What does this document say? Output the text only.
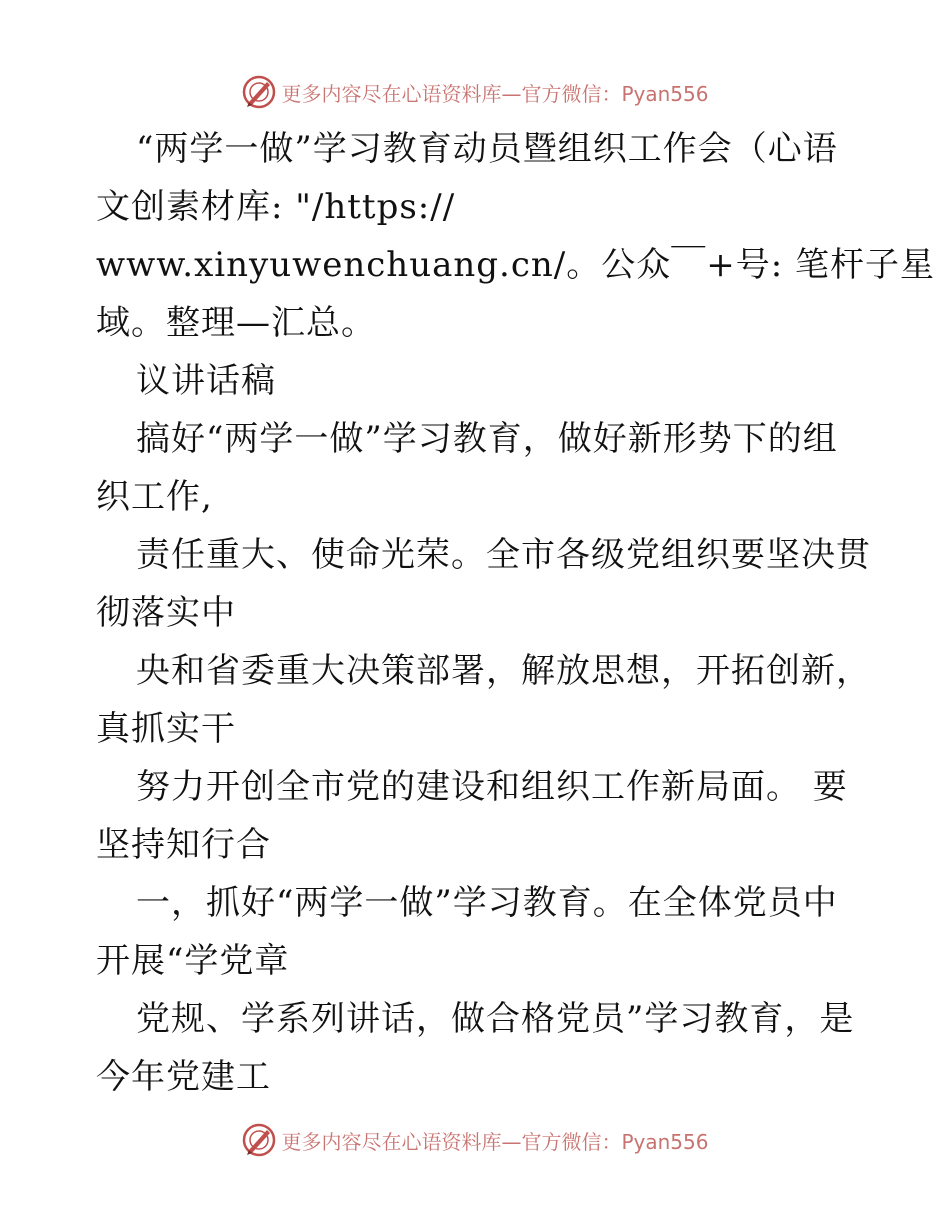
更多内容尽在心语资料库—官方微信：Pyan556
“两学一做”学习教育动员暨组织工作会（心语
文创素材库: "/https://
www.xinyuwenchuang.cn/。公众￣+号: 笔杆子星
域。整理—汇总。
议讲话稿
搞好“两学一做”学习教育，做好新形势下的组
织工作,
责任重大、使命光荣。全市各级党组织要坚决贯
彻落实中
央和省委重大决策部署，解放思想，开拓创新，
真抓实干
努力开创全市党的建设和组织工作新局面。 要
坚持知行合
一，抓好“两学一做”学习教育。在全体党员中
开展“学党章
党规、学系列讲话，做合格党员”学习教育，是
今年党建工
更多内容尽在心语资料库—官方微信：Pyan556
